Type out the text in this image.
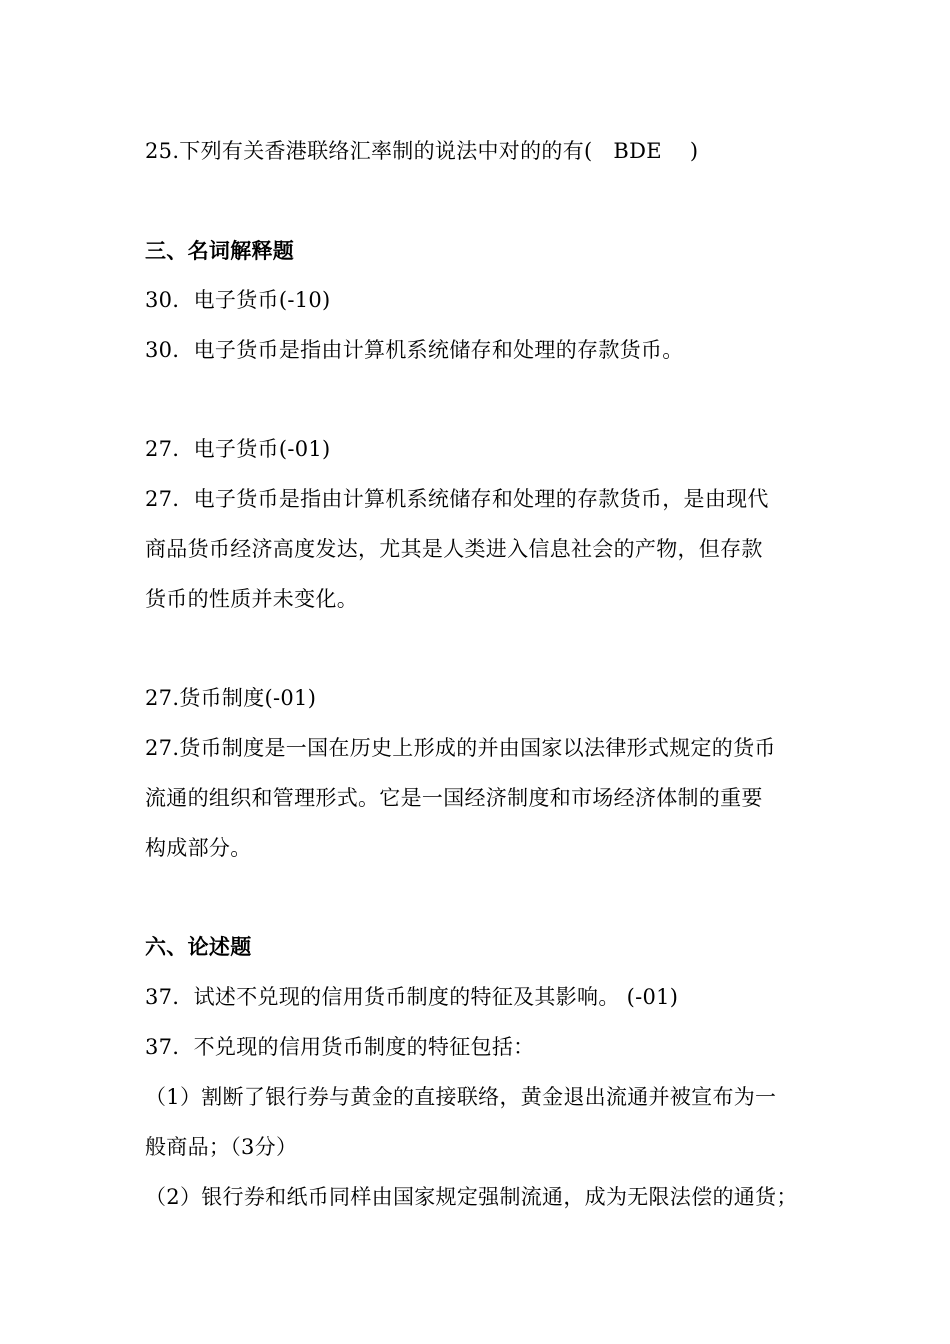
25.下列有关香港联络汇率制的说法中对的的有(   BDE    )
三、名词解释题
30．电子货币(-10)
30．电子货币是指由计算机系统储存和处理的存款货币。
27．电子货币(-01)
27．电子货币是指由计算机系统储存和处理的存款货币，是由现代
商品货币经济高度发达，尤其是人类进入信息社会的产物，但存款
货币的性质并未变化。
27.货币制度(-01)
27.货币制度是一国在历史上形成的并由国家以法律形式规定的货币
流通的组织和管理形式。它是一国经济制度和市场经济体制的重要
构成部分。
六、论述题
37．试述不兑现的信用货币制度的特征及其影响。 (-01)
37．不兑现的信用货币制度的特征包括：
（1）割断了银行券与黄金的直接联络，黄金退出流通并被宣布为一
般商品；（3分）
（2）银行券和纸币同样由国家规定强制流通，成为无限法偿的通货；
